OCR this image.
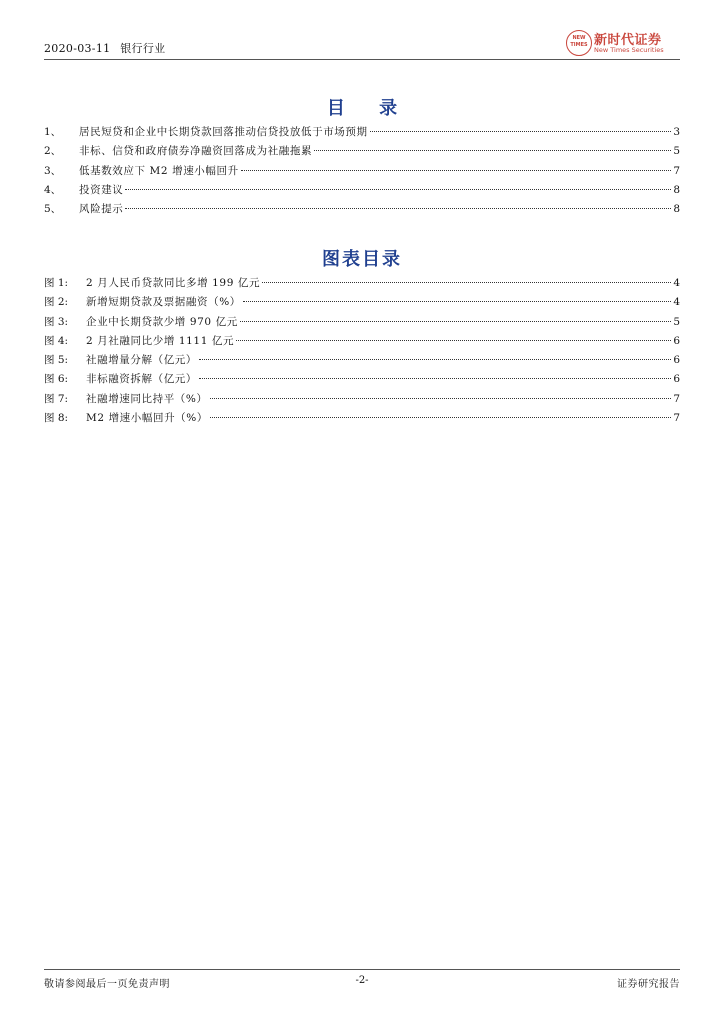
2020-03-11 银行行业
NEW TIMES 新时代证券
New Times Securities
目 录
1、	居民短贷和企业中长期贷款回落推动信贷投放低于市场预期	3
2、	非标、信贷和政府债券净融资回落成为社融拖累	5
3、	低基数效应下 M2 增速小幅回升	7
4、	投资建议	8
5、	风险提示	8
图表目录
图 1:	2 月人民币贷款同比多增 199 亿元	4
图 2:	新增短期贷款及票据融资（%）	4
图 3:	企业中长期贷款少增 970 亿元	5
图 4:	2 月社融同比少增 1111 亿元	6
图 5:	社融增量分解（亿元）	6
图 6:	非标融资拆解（亿元）	6
图 7:	社融增速同比持平（%）	7
图 8:	M2 增速小幅回升（%）	7
敬请参阅最后一页免责声明	-2-	证券研究报告
